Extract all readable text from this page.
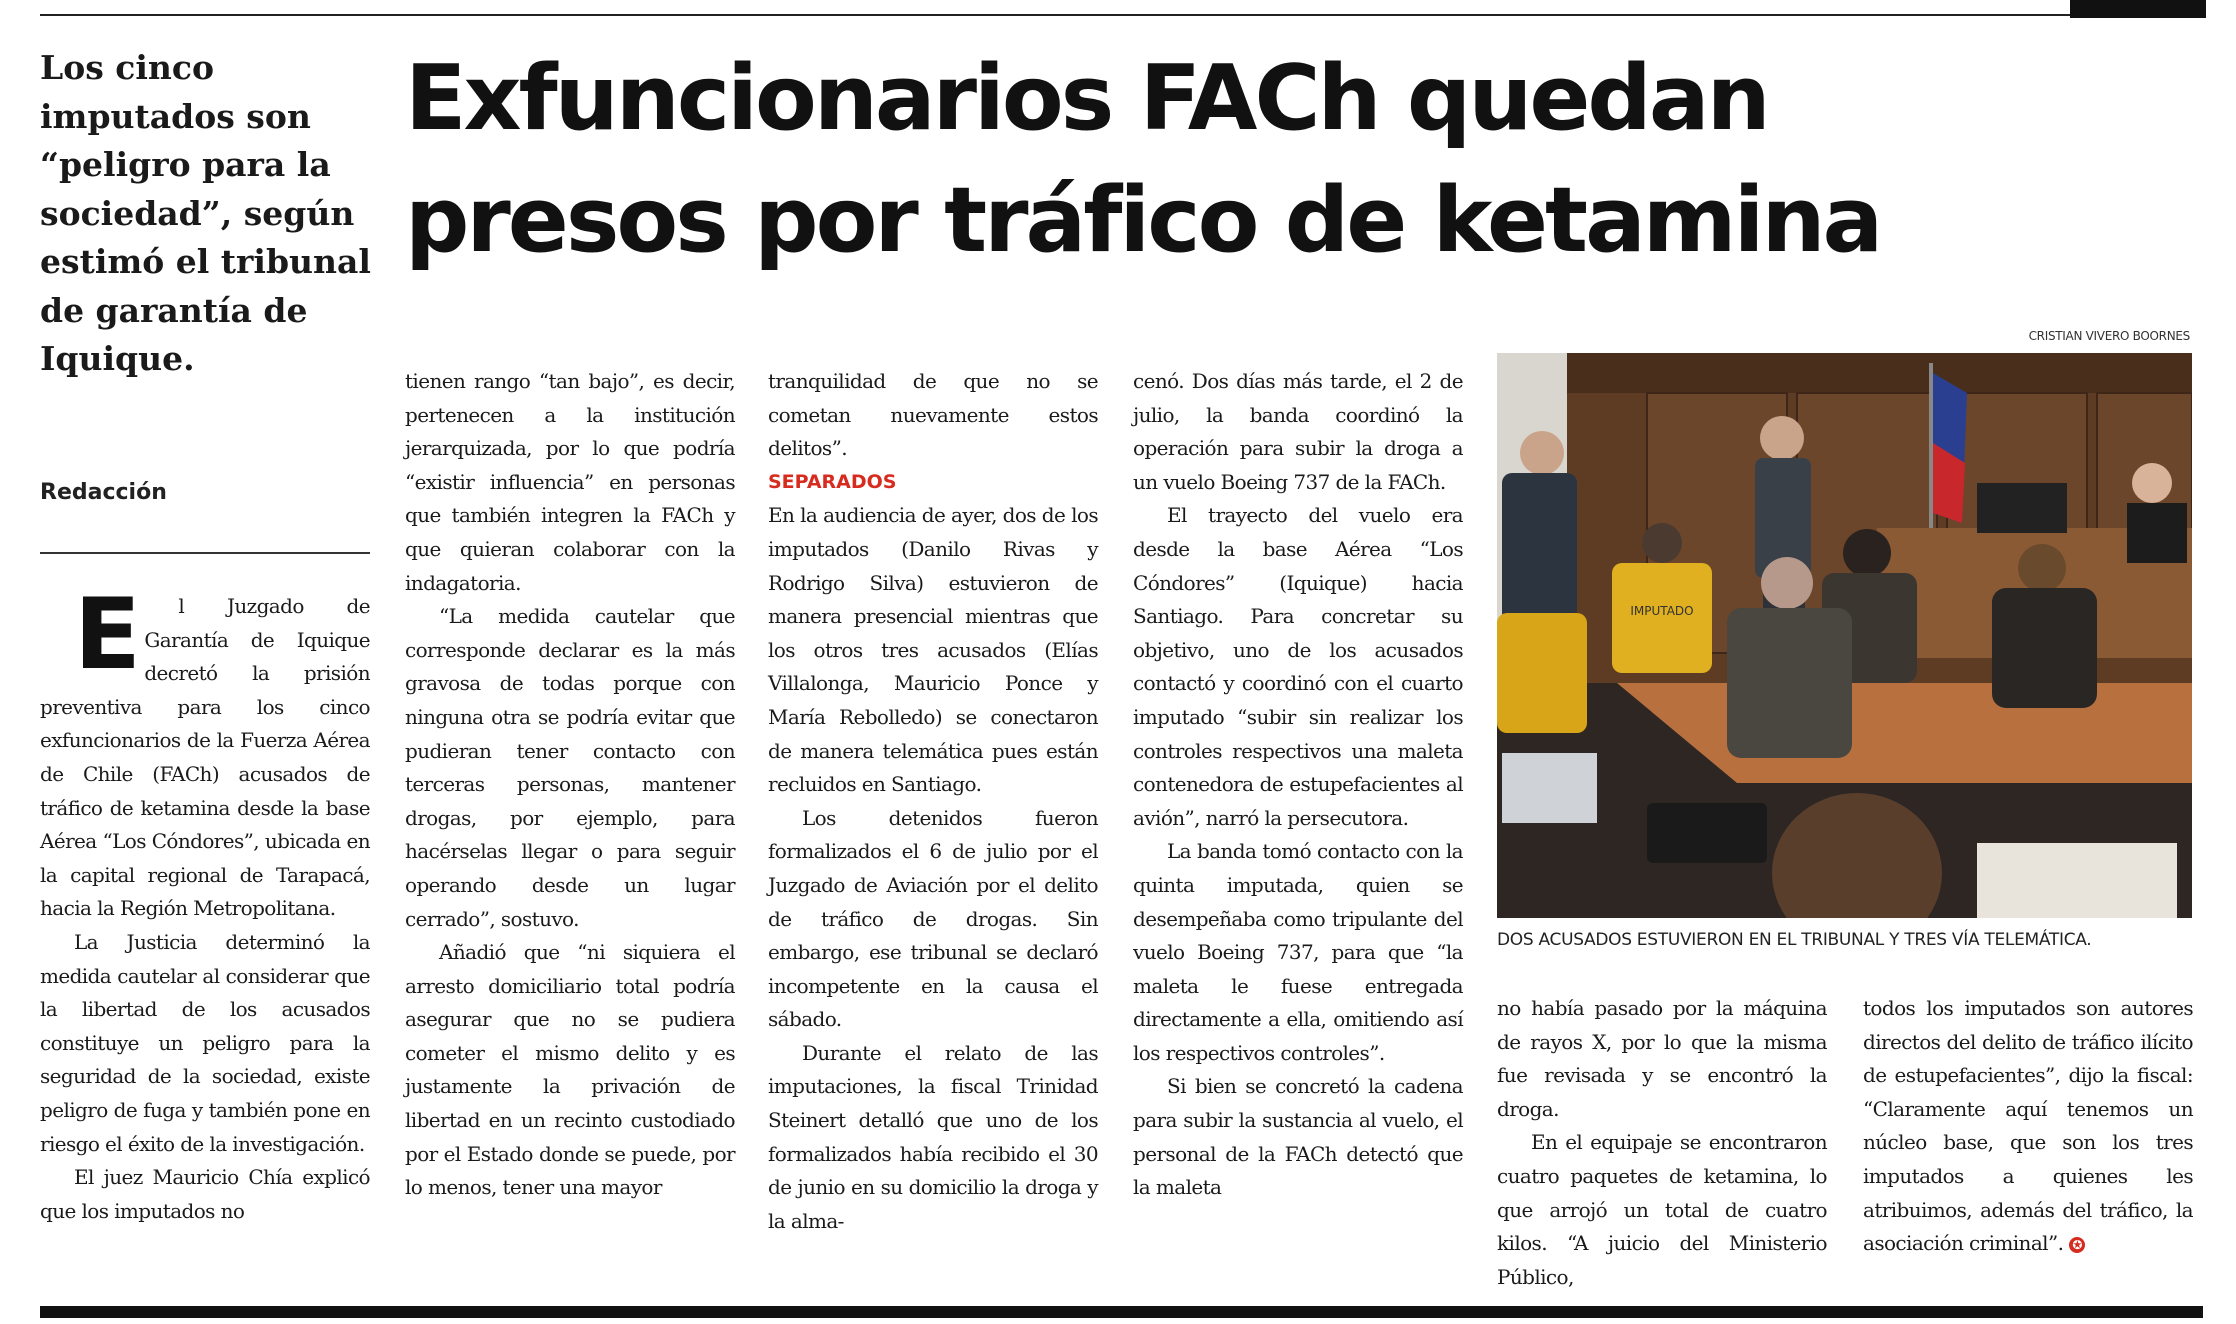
Los cinco imputados son “peligro para la sociedad”, según estimó el tribunal de garantía de Iquique.
Redacción
Exfuncionarios FACh quedan
presos por tráfico de ketamina

El Juzgado de Garantía de Iquique decretó la prisión preventiva para los cinco exfuncionarios de la Fuerza Aérea de Chile (FACh) acusados de tráfico de ketamina desde la base Aérea “Los Cóndores”, ubicada en la capital regional de Tarapacá, hacia la Región Metropolitana.

La Justicia determinó la medida cautelar al considerar que la libertad de los acusados constituye un peligro para la seguridad de la sociedad, existe peligro de fuga y también pone en riesgo el éxito de la investigación.

El juez Mauricio Chía explicó que los imputados no

tienen rango “tan bajo”, es decir, pertenecen a la institución jerarquizada, por lo que podría “existir influencia” en personas que también integren la FACh y que quieran colaborar con la indagatoria.

“La medida cautelar que corresponde declarar es la más gravosa de todas porque con ninguna otra se podría evitar que pudieran tener contacto con terceras personas, mantener drogas, por ejemplo, para hacérselas llegar o para seguir operando desde un lugar cerrado”, sostuvo.

Añadió que “ni siquiera el arresto domiciliario total podría asegurar que no se pudiera cometer el mismo delito y es justamente la privación de libertad en un recinto custodiado por el Estado donde se puede, por lo menos, tener una mayor

tranquilidad de que no se cometan nuevamente estos delitos”.

SEPARADOS

En la audiencia de ayer, dos de los imputados (Danilo Rivas y Rodrigo Silva) estuvieron de manera presencial mientras que los otros tres acusados (Elías Villalonga, Mauricio Ponce y María Rebolledo) se conectaron de manera telemática pues están recluidos en Santiago.

Los detenidos fueron formalizados el 6 de julio por el Juzgado de Aviación por el delito de tráfico de drogas. Sin embargo, ese tribunal se declaró incompetente en la causa el sábado.

Durante el relato de las imputaciones, la fiscal Trinidad Steinert detalló que uno de los formalizados había recibido el 30 de junio en su domicilio la droga y la alma-

cenó. Dos días más tarde, el 2 de julio, la banda coordinó la operación para subir la droga a un vuelo Boeing 737 de la FACh.

El trayecto del vuelo era desde la base Aérea “Los Cóndores” (Iquique) hacia Santiago. Para concretar su objetivo, uno de los acusados contactó y coordinó con el cuarto imputado “subir sin realizar los controles respectivos una maleta contenedora de estupefacientes al avión”, narró la persecutora.

La banda tomó contacto con la quinta imputada, quien se desempeñaba como tripulante del vuelo Boeing 737, para que “la maleta le fuese entregada directamente a ella, omitiendo así los respectivos controles”.

Si bien se concretó la cadena para subir la sustancia al vuelo, el personal de la FACh detectó que la maleta

CRISTIAN VIVERO BOORNES
IMPUTADO
DOS ACUSADOS ESTUVIERON EN EL TRIBUNAL Y TRES VÍA TELEMÁTICA.

no había pasado por la máquina de rayos X, por lo que la misma fue revisada y se encontró la droga.

En el equipaje se encontraron cuatro paquetes de ketamina, lo que arrojó un total de cuatro kilos. “A juicio del Ministerio Público,

todos los imputados son autores directos del delito de tráfico ilícito de estupefacientes”, dijo la fiscal: “Claramente aquí tenemos un núcleo base, que son los tres imputados a quienes les atribuimos, además del tráfico, la asociación criminal”. ✪
